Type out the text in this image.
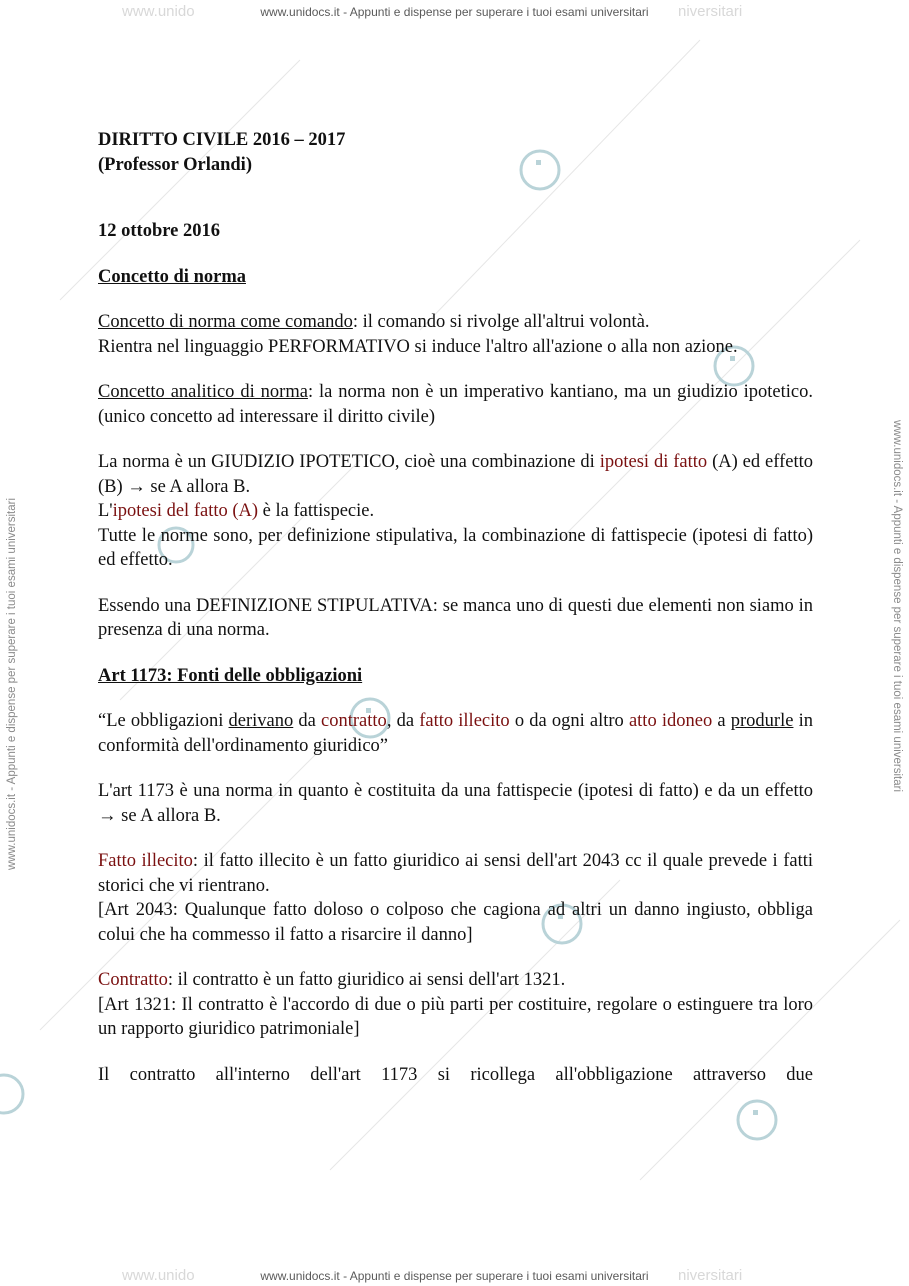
www.unido	niversitari
www.unidocs.it - Appunti e dispense per superare i tuoi esami universitari
www.unidocs.it - Appunti e dispense per superare i tuoi esami universitari	www.unidocs.it - Appunti e dispense per superare i tuoi esami universitari
www.unido	niversitari
www.unidocs.it - Appunti e dispense per superare i tuoi esami universitari

DIRITTO CIVILE 2016 – 2017

(Professor Orlandi)

12 ottobre 2016

Concetto di norma

Concetto di norma come comando: il comando si rivolge all'altrui volontà.
Rientra nel linguaggio PERFORMATIVO si induce l'altro all'azione o alla non azione.

Concetto analitico di norma: la norma non è un imperativo kantiano, ma un giudizio ipotetico. (unico concetto ad interessare il diritto civile)

La norma è un GIUDIZIO IPOTETICO, cioè una combinazione di ipotesi di fatto (A) ed effetto (B) → se A allora B.
L'ipotesi del fatto (A) è la fattispecie.
Tutte le norme sono, per definizione stipulativa, la combinazione di fattispecie (ipotesi di fatto) ed effetto.

Essendo una DEFINIZIONE STIPULATIVA: se manca uno di questi due elementi non siamo in presenza di una norma.

Art 1173: Fonti delle obbligazioni

“Le obbligazioni derivano da contratto, da fatto illecito o da ogni altro atto idoneo a produrle in conformità dell'ordinamento giuridico”

L'art 1173 è una norma in quanto è costituita da una fattispecie (ipotesi di fatto) e da un effetto → se A allora B.

Fatto illecito: il fatto illecito è un fatto giuridico ai sensi dell'art 2043 cc il quale prevede i fatti storici che vi rientrano.
[Art 2043: Qualunque fatto doloso o colposo che cagiona ad altri un danno ingiusto, obbliga colui che ha commesso il fatto a risarcire il danno]

Contratto: il contratto è un fatto giuridico ai sensi dell'art 1321.
[Art 1321: Il contratto è l'accordo di due o più parti per costituire, regolare o estinguere tra loro un rapporto giuridico patrimoniale]

Il contratto all'interno dell'art 1173 si ricollega all'obbligazione attraverso due
